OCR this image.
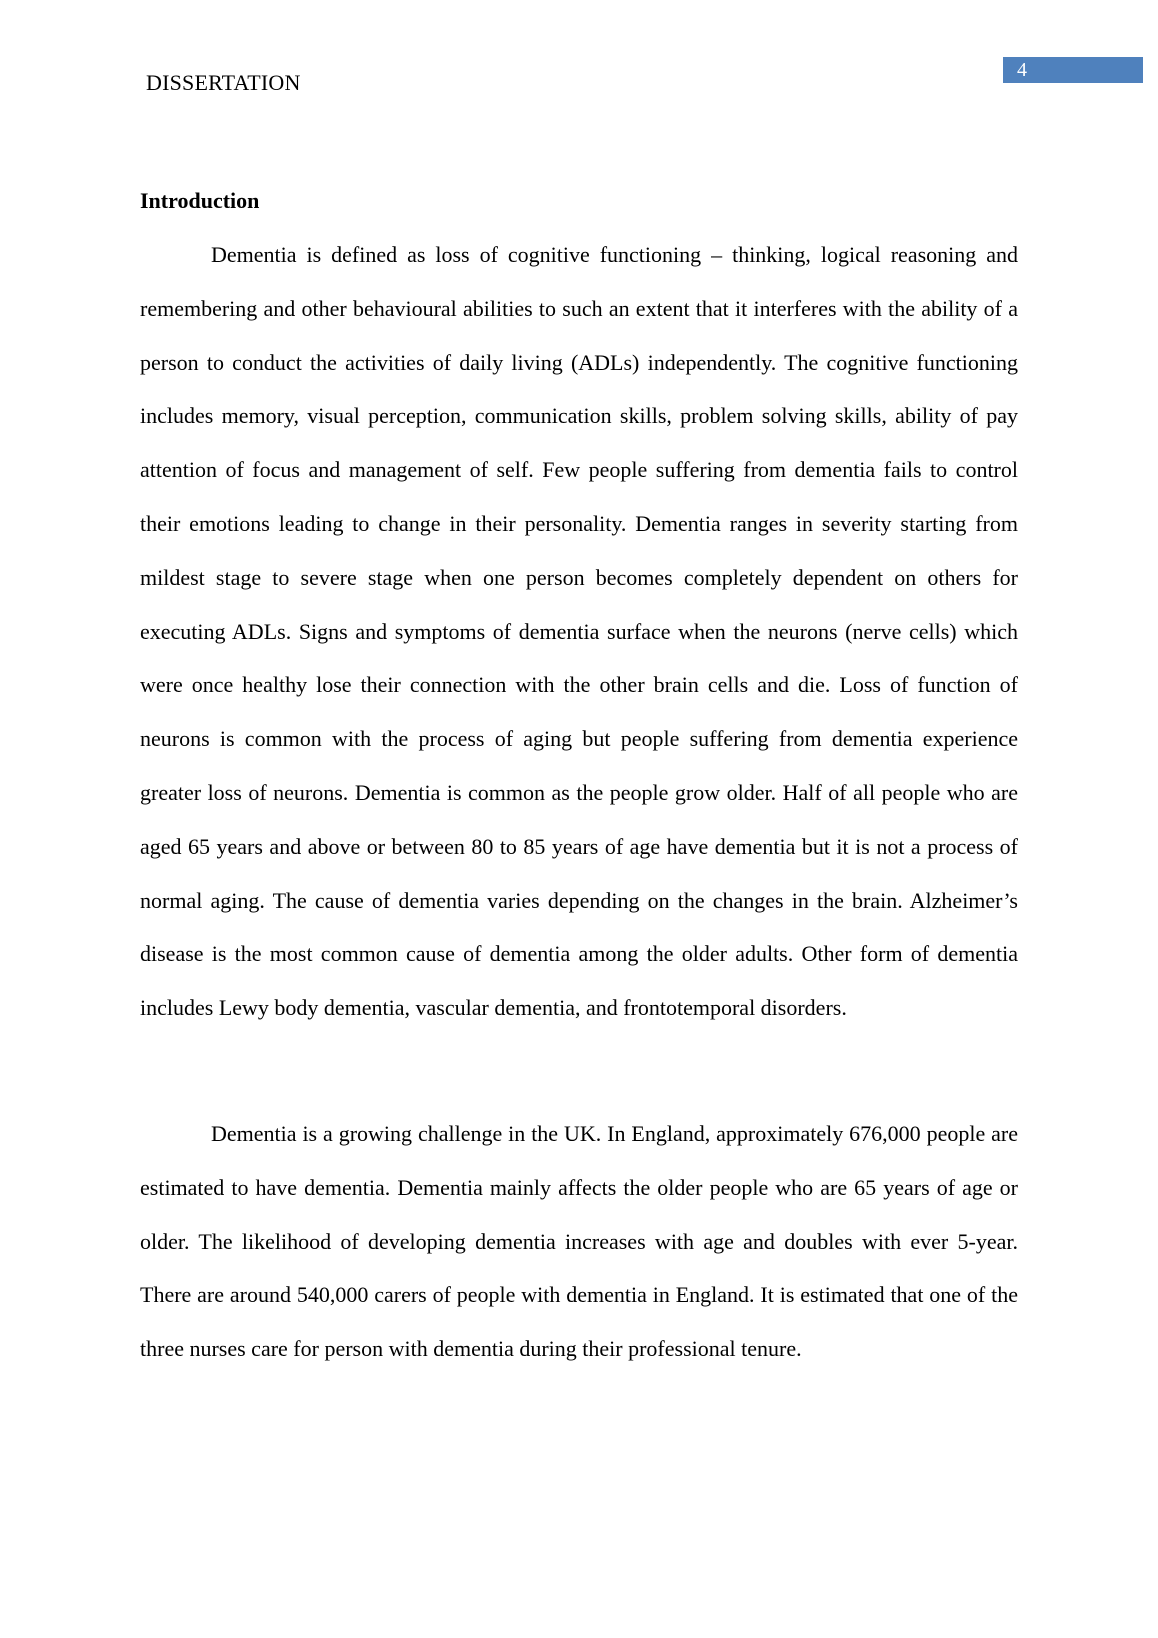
DISSERTATION	4
Introduction

Dementia is defined as loss of cognitive functioning – thinking, logical reasoning and remembering and other behavioural abilities to such an extent that it interferes with the ability of a person to conduct the activities of daily living (ADLs) independently. The cognitive functioning includes memory, visual perception, communication skills, problem solving skills, ability of pay attention of focus and management of self. Few people suffering from dementia fails to control their emotions leading to change in their personality. Dementia ranges in severity starting from mildest stage to severe stage when one person becomes completely dependent on others for executing ADLs. Signs and symptoms of dementia surface when the neurons (nerve cells) which were once healthy lose their connection with the other brain cells and die. Loss of function of neurons is common with the process of aging but people suffering from dementia experience greater loss of neurons. Dementia is common as the people grow older. Half of all people who are aged 65 years and above or between 80 to 85 years of age have dementia but it is not a process of normal aging. The cause of dementia varies depending on the changes in the brain. Alzheimer’s disease is the most common cause of dementia among the older adults. Other form of dementia includes Lewy body dementia, vascular dementia, and frontotemporal disorders.

Dementia is a growing challenge in the UK. In England, approximately 676,000 people are estimated to have dementia. Dementia mainly affects the older people who are 65 years of age or older. The likelihood of developing dementia increases with age and doubles with ever 5-year. There are around 540,000 carers of people with dementia in England. It is estimated that one of the three nurses care for person with dementia during their professional tenure.
